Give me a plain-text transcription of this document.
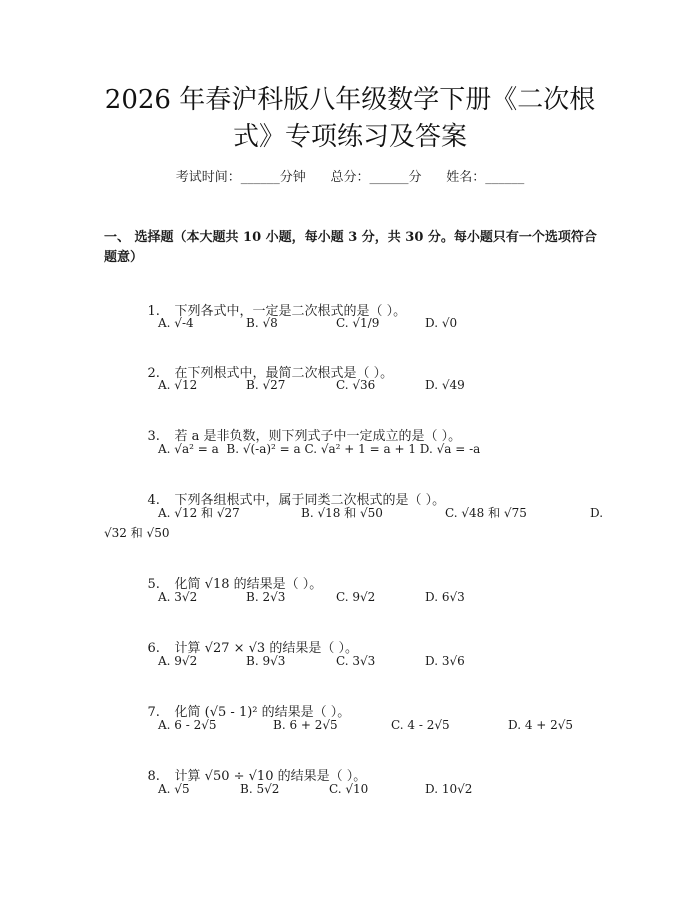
2026 年春沪科版八年级数学下册《二次根
式》专项练习及答案
考试时间：______分钟      总分：______分      姓名：______
一、 选择题（本大题共 10 小题，每小题 3 分，共 30 分。每小题只有一个选项符合题意）

1. 下列各式中，一定是二次根式的是（ ）。

A. √-4

	B. √8

	C. √1/9

	D. √0

2. 在下列根式中，最简二次根式是（ ）。

A. √12

	B. √27

	C. √36

	D. √49

3. 若 a 是非负数，则下列式子中一定成立的是（ ）。

A. √a² = a  B. √(-a)² = a C. √a² + 1 = a + 1 D. √a = -a

4. 下列各组根式中，属于同类二次根式的是（ ）。

A. √12 和 √27

	B. √18 和 √50

	C. √48 和 √75

	D.

√32 和 √50

5. 化简 √18 的结果是（ ）。

A. 3√2

	B. 2√3

	C. 9√2

	D. 6√3

6. 计算 √27 × √3 的结果是（ ）。

A. 9√2

	B. 9√3

	C. 3√3

	D. 3√6

7. 化简 (√5 - 1)² 的结果是（ ）。

A. 6 - 2√5

	B. 6 + 2√5

	C. 4 - 2√5

	D. 4 + 2√5

8. 计算 √50 ÷ √10 的结果是（ ）。

A. √5

	B. 5√2

	C. √10

	D. 10√2
